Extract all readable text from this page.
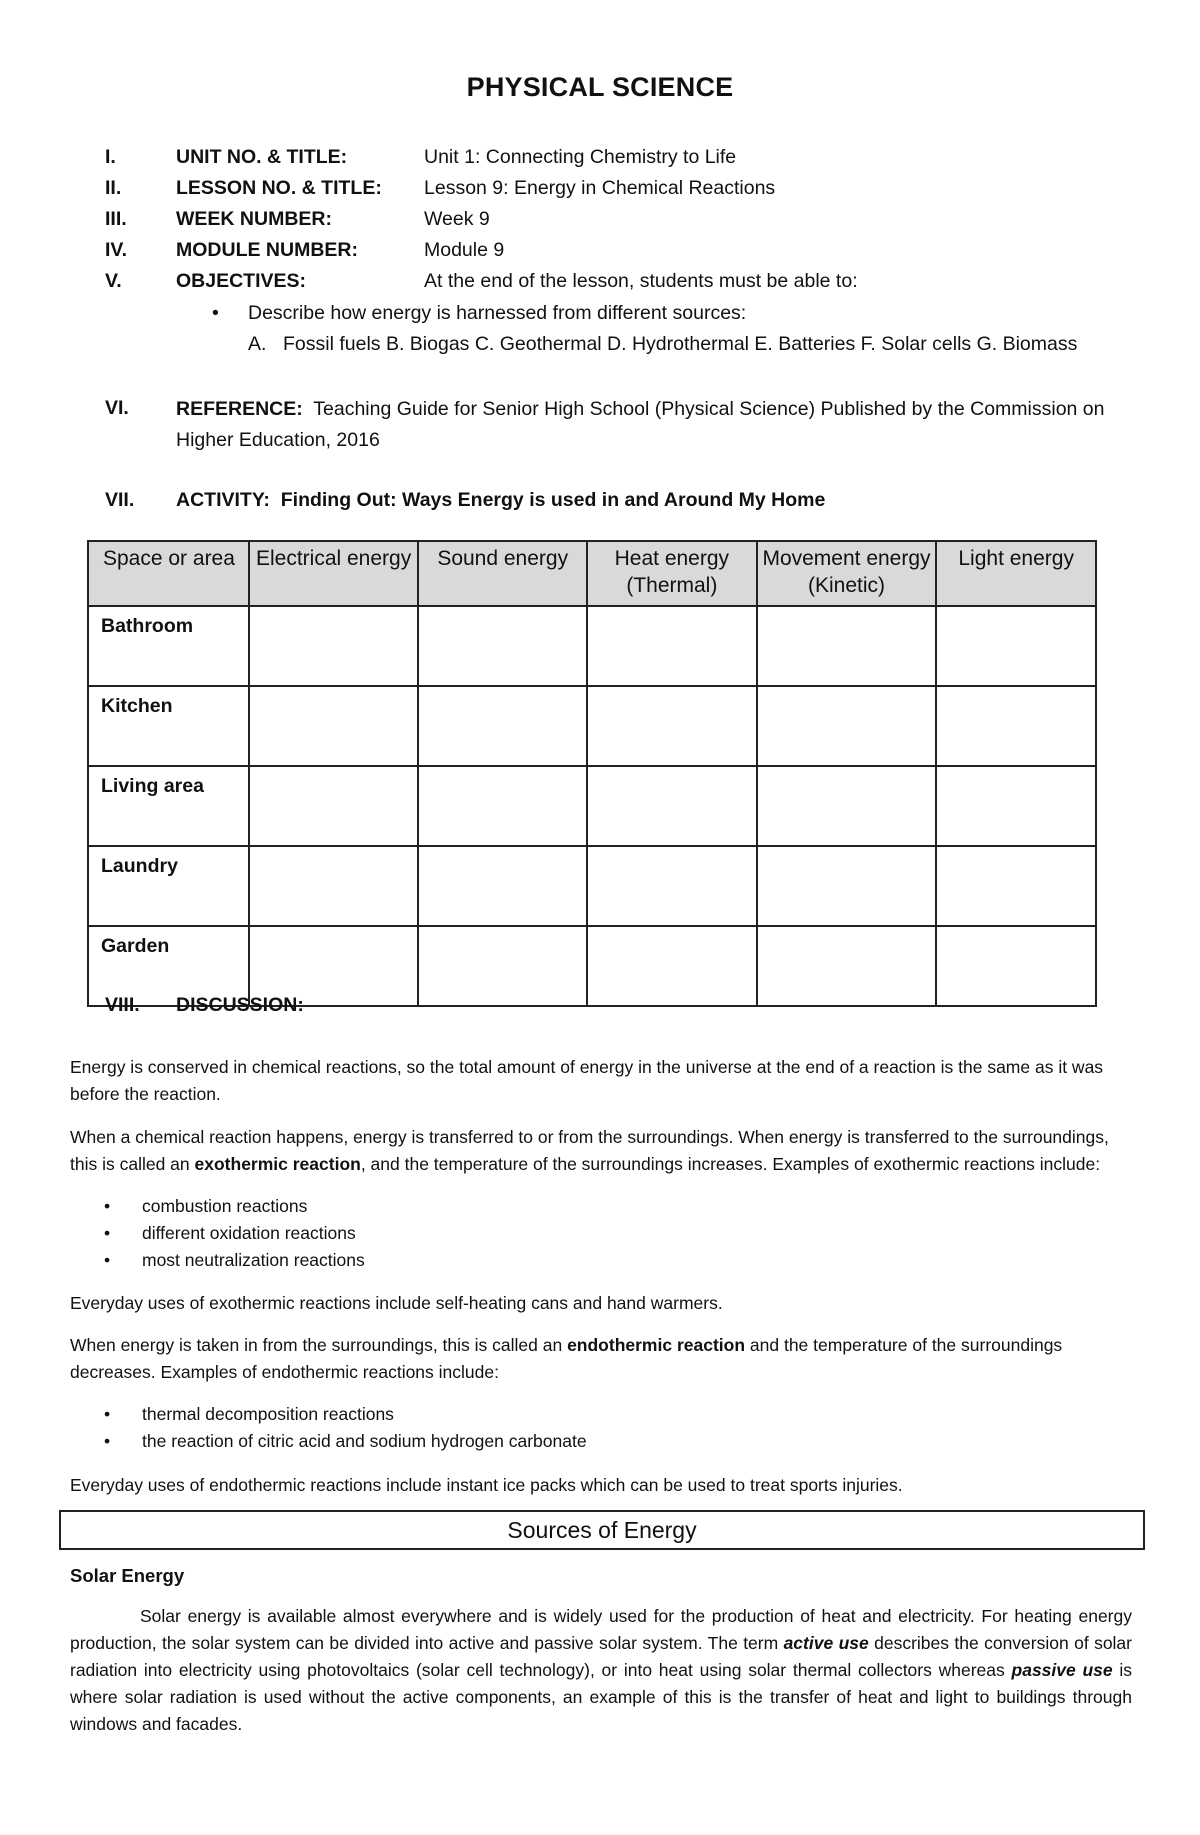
PHYSICAL SCIENCE
I.	UNIT NO. & TITLE:	Unit 1: Connecting Chemistry to Life
II.	LESSON NO. & TITLE: Lesson 9: Energy in Chemical Reactions
III.	WEEK NUMBER:	Week 9
IV.	MODULE NUMBER:	Module 9
V.	OBJECTIVES:	At the end of the lesson, students must be able to:
• Describe how energy is harnessed from different sources:
A. Fossil fuels B. Biogas C. Geothermal D. Hydrothermal E. Batteries F. Solar cells G. Biomass
VI. REFERENCE: Teaching Guide for Senior High School (Physical Science) Published by the Commission on Higher Education, 2016
VII. ACTIVITY: Finding Out: Ways Energy is used in and Around My Home
Space or area	Electrical energy	Sound energy	Heat energy (Thermal)	Movement energy (Kinetic)	Light energy
Bathroom					
Kitchen					
Living area					
Laundry					
Garden					
VIII. DISCUSSION:
Energy is conserved in chemical reactions, so the total amount of energy in the universe at the end of a reaction is the same as it was before the reaction.
When a chemical reaction happens, energy is transferred to or from the surroundings. When energy is transferred to the surroundings, this is called an exothermic reaction, and the temperature of the surroundings increases. Examples of exothermic reactions include:
• combustion reactions
• different oxidation reactions
• most neutralization reactions
Everyday uses of exothermic reactions include self-heating cans and hand warmers.
When energy is taken in from the surroundings, this is called an endothermic reaction and the temperature of the surroundings decreases. Examples of endothermic reactions include:
• thermal decomposition reactions
• the reaction of citric acid and sodium hydrogen carbonate
Everyday uses of endothermic reactions include instant ice packs which can be used to treat sports injuries.
Sources of Energy
Solar Energy
Solar energy is available almost everywhere and is widely used for the production of heat and electricity. For heating energy production, the solar system can be divided into active and passive solar system. The term active use describes the conversion of solar radiation into electricity using photovoltaics (solar cell technology), or into heat using solar thermal collectors whereas passive use is where solar radiation is used without the active components, an example of this is the transfer of heat and light to buildings through windows and facades.
